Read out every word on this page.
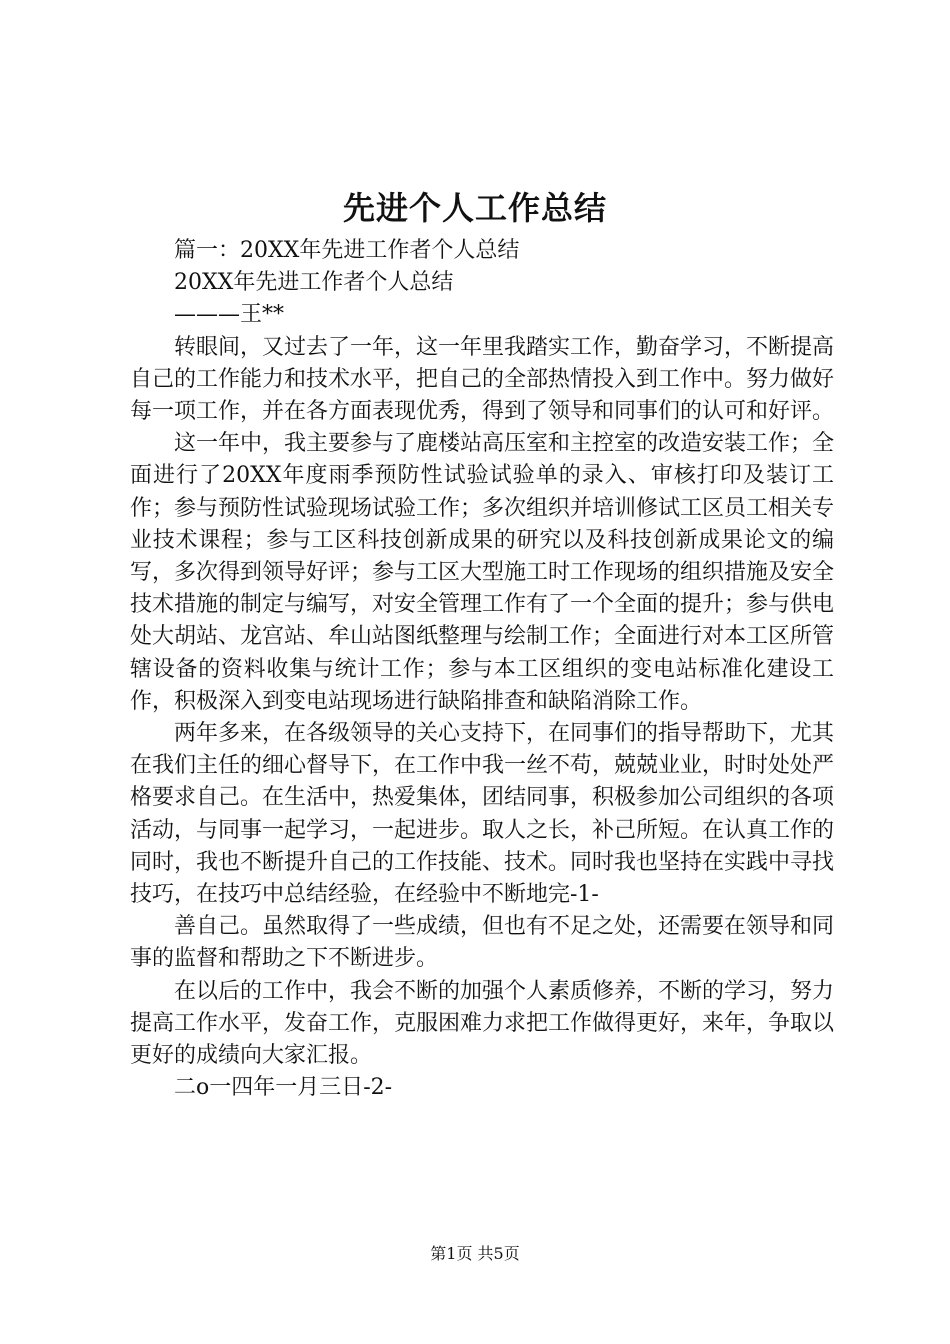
先进个人工作总结

篇一：20XX年先进工作者个人总结

20XX年先进工作者个人总结

———王**

转眼间，又过去了一年，这一年里我踏实工作，勤奋学习，不断提高自己的工作能力和技术水平，把自己的全部热情投入到工作中。努力做好每一项工作，并在各方面表现优秀，得到了领导和同事们的认可和好评。

这一年中，我主要参与了鹿楼站高压室和主控室的改造安装工作；全面进行了20XX年度雨季预防性试验试验单的录入、审核打印及装订工作；参与预防性试验现场试验工作；多次组织并培训修试工区员工相关专业技术课程；参与工区科技创新成果的研究以及科技创新成果论文的编写，多次得到领导好评；参与工区大型施工时工作现场的组织措施及安全技术措施的制定与编写，对安全管理工作有了一个全面的提升；参与供电处大胡站、龙宫站、牟山站图纸整理与绘制工作；全面进行对本工区所管辖设备的资料收集与统计工作；参与本工区组织的变电站标准化建设工作，积极深入到变电站现场进行缺陷排查和缺陷消除工作。

两年多来，在各级领导的关心支持下，在同事们的指导帮助下，尤其在我们主任的细心督导下，在工作中我一丝不苟，兢兢业业，时时处处严格要求自己。在生活中，热爱集体，团结同事，积极参加公司组织的各项活动，与同事一起学习，一起进步。取人之长，补己所短。在认真工作的同时，我也不断提升自己的工作技能、技术。同时我也坚持在实践中寻找技巧，在技巧中总结经验，在经验中不断地完-1-

善自己。虽然取得了一些成绩，但也有不足之处，还需要在领导和同事的监督和帮助之下不断进步。

在以后的工作中，我会不断的加强个人素质修养，不断的学习，努力提高工作水平，发奋工作，克服困难力求把工作做得更好，来年，争取以更好的成绩向大家汇报。

二o一四年一月三日-2-

第1页 共5页
